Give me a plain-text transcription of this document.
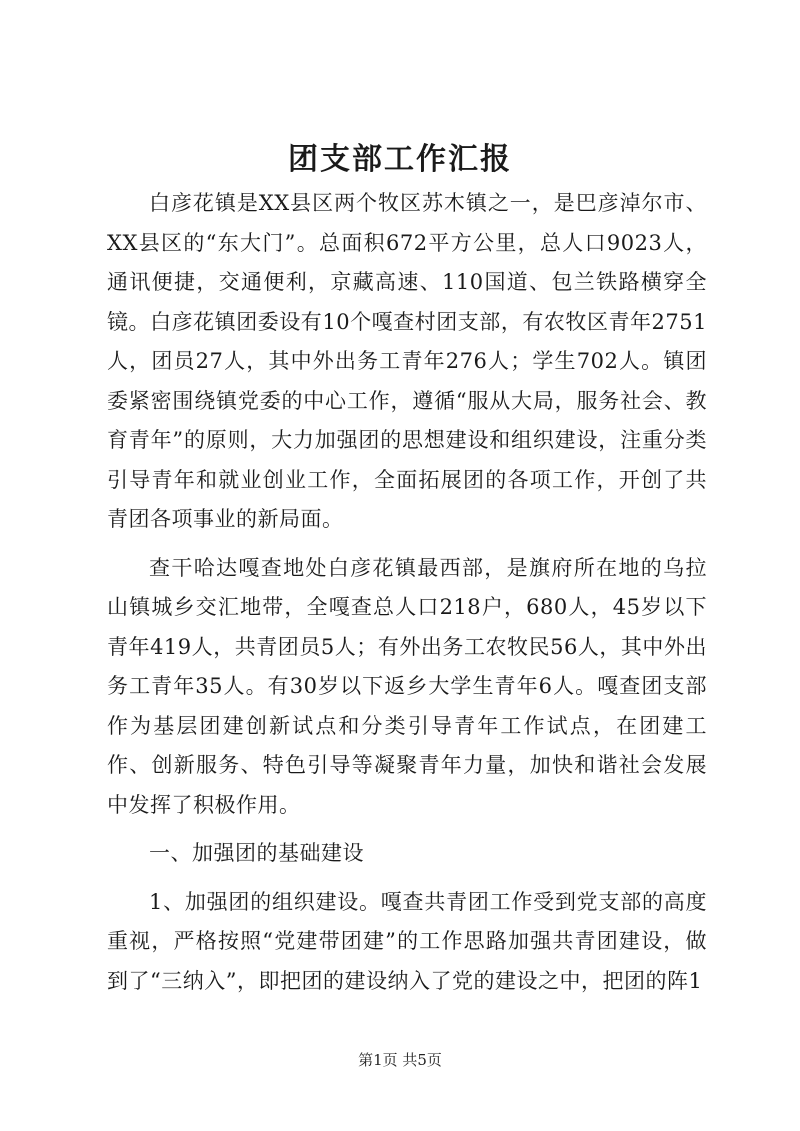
团支部工作汇报

白彦花镇是XX县区两个牧区苏木镇之一，是巴彦淖尔市、XX县区的“东大门”。总面积672平方公里，总人口9023人，通讯便捷，交通便利，京藏高速、110国道、包兰铁路横穿全镜。白彦花镇团委设有10个嘎查村团支部，有农牧区青年2751人，团员27人，其中外出务工青年276人；学生702人。镇团委紧密围绕镇党委的中心工作，遵循“服从大局，服务社会、教育青年”的原则，大力加强团的思想建设和组织建设，注重分类引导青年和就业创业工作，全面拓展团的各项工作，开创了共青团各项事业的新局面。

查干哈达嘎查地处白彦花镇最西部，是旗府所在地的乌拉山镇城乡交汇地带，全嘎查总人口218户，680人，45岁以下青年419人，共青团员5人；有外出务工农牧民56人，其中外出务工青年35人。有30岁以下返乡大学生青年6人。嘎查团支部作为基层团建创新试点和分类引导青年工作试点，在团建工作、创新服务、特色引导等凝聚青年力量，加快和谐社会发展中发挥了积极作用。

一、加强团的基础建设

1、加强团的组织建设。嘎查共青团工作受到党支部的高度重视，严格按照“党建带团建”的工作思路加强共青团建设，做到了“三纳入”，即把团的建设纳入了党的建设之中，把团的阵1

第1页 共5页
